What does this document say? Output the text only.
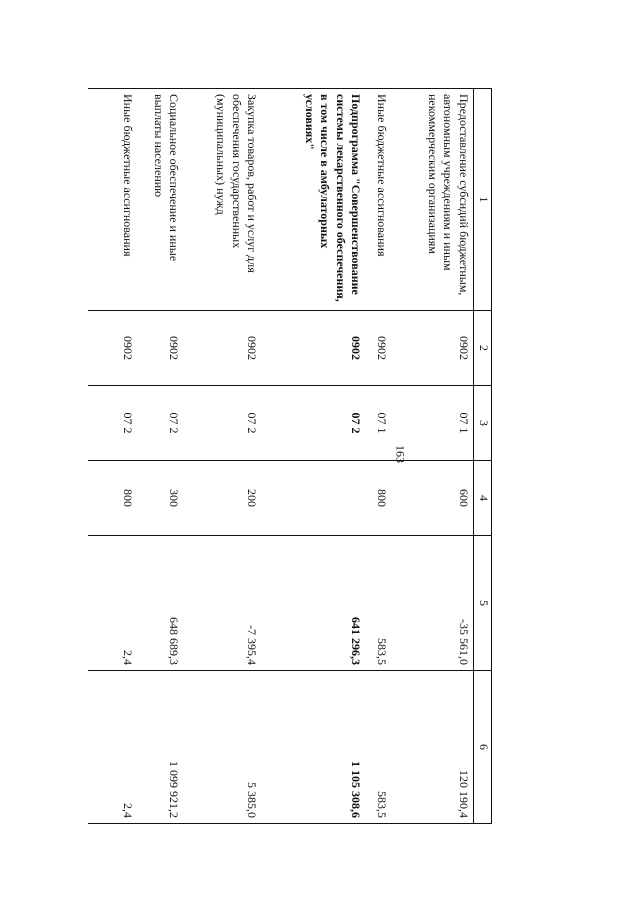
163
1	2	3	4	5	6
Предоставление субсидий бюджетным, автономным учреждениям и иным некоммерческим организациям	0902	07 1	600	-35 561,0	120 190,4
Иные бюджетные ассигнования	0902	07 1	800	583,5	583,5
Подпрограмма "Совершенствование системы лекарственного обеспечения, в том числе в амбулаторных условиях"	0902	07 2		641 296,3	1 105 308,6
Закупка товаров, работ и услуг для обеспечения государственных (муниципальных) нужд	0902	07 2	200	-7 395,4	5 385,0
Социальное обеспечение и иные выплаты населению	0902	07 2	300	648 689,3	1 099 921,2
Иные бюджетные ассигнования	0902	07 2	800	2,4	2,4
